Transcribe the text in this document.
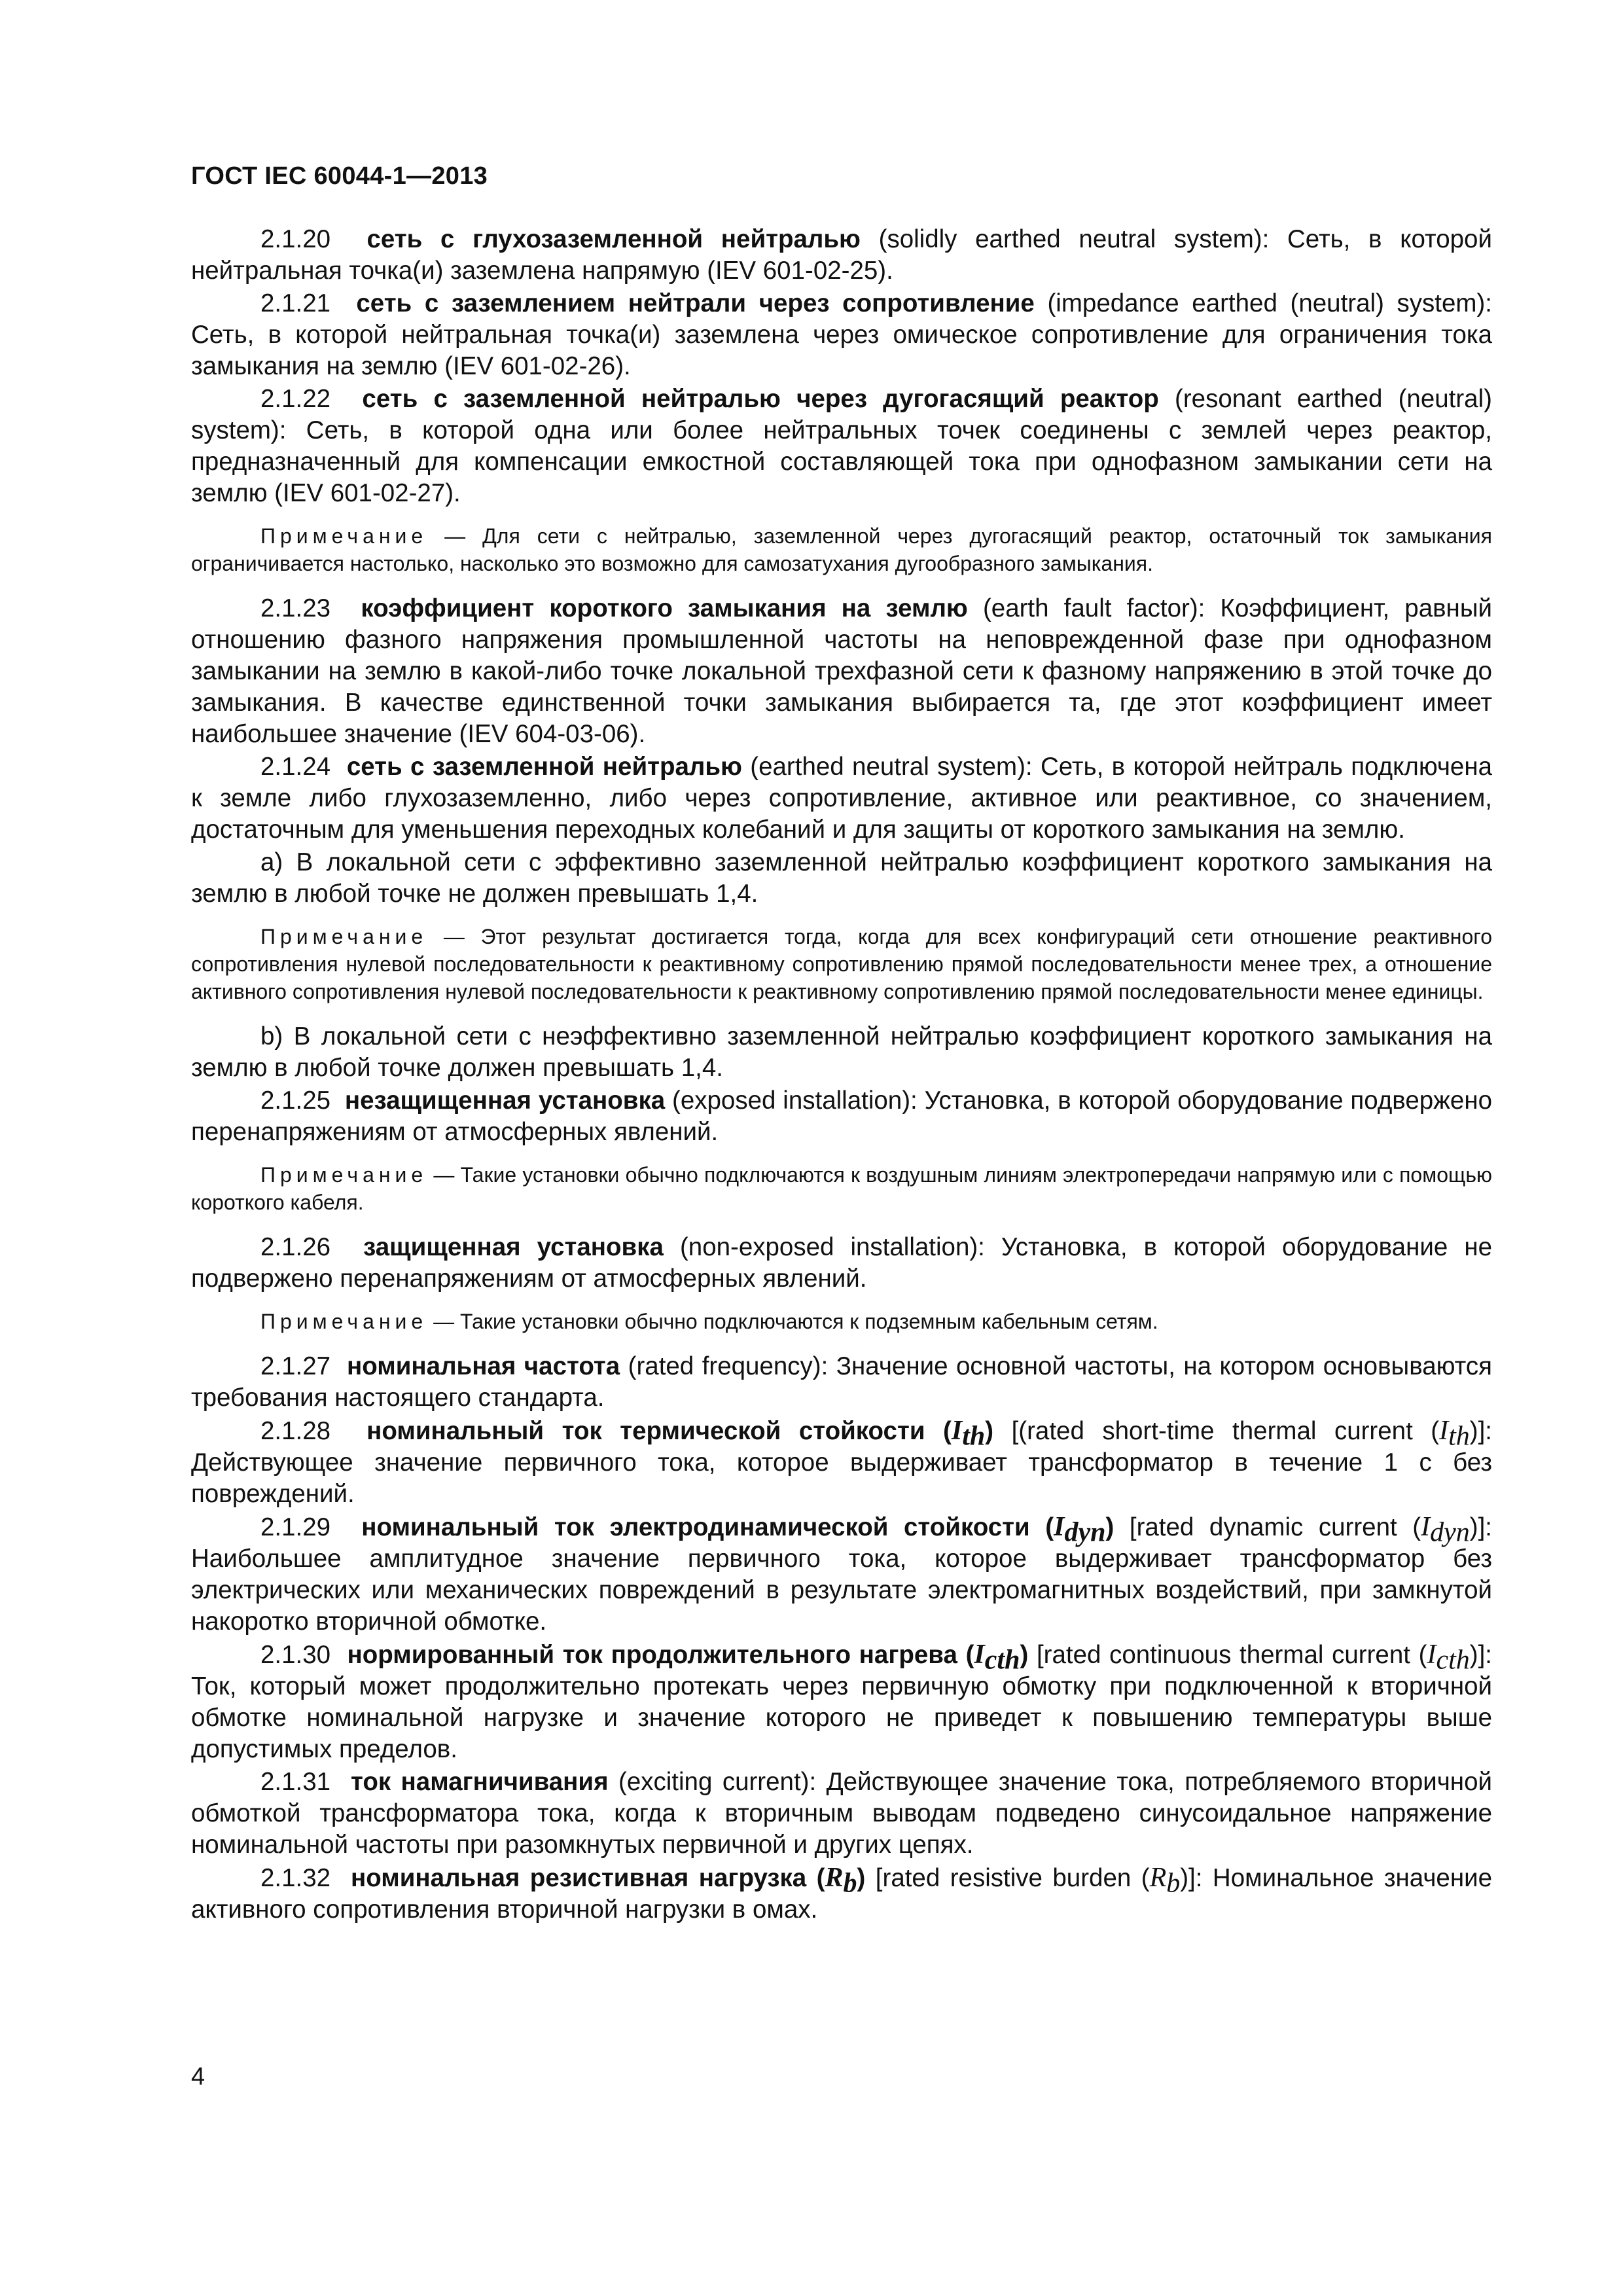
ГОСТ IEC 60044-1—2013

2.1.20 сеть с глухозаземленной нейтралью (solidly earthed neutral system): Сеть, в которой нейтральная точка(и) заземлена напрямую (IEV 601-02-25).

2.1.21 сеть с заземлением нейтрали через сопротивление (impedance earthed (neutral) system): Сеть, в которой нейтральная точка(и) заземлена через омическое сопротивление для ограничения тока замыкания на землю (IEV 601-02-26).

2.1.22 сеть с заземленной нейтралью через дугогасящий реактор (resonant earthed (neutral) system): Сеть, в которой одна или более нейтральных точек соединены с землей через реактор, предназначенный для компенсации емкостной составляющей тока при однофазном замыкании сети на землю (IEV 601-02-27).

Примечание — Для сети с нейтралью, заземленной через дугогасящий реактор, остаточный ток замыкания ограничивается настолько, насколько это возможно для самозатухания дугообразного замыкания.

2.1.23 коэффициент короткого замыкания на землю (earth fault factor): Коэффициент, равный отношению фазного напряжения промышленной частоты на неповрежденной фазе при однофазном замыкании на землю в какой-либо точке локальной трехфазной сети к фазному напряжению в этой точке до замыкания. В качестве единственной точки замыкания выбирается та, где этот коэффициент имеет наибольшее значение (IEV 604-03-06).

2.1.24 сеть с заземленной нейтралью (earthed neutral system): Сеть, в которой нейтраль подключена к земле либо глухозаземленно, либо через сопротивление, активное или реактивное, со значением, достаточным для уменьшения переходных колебаний и для защиты от короткого замыкания на землю.

a) В локальной сети с эффективно заземленной нейтралью коэффициент короткого замыкания на землю в любой точке не должен превышать 1,4.

Примечание — Этот результат достигается тогда, когда для всех конфигураций сети отношение реактивного сопротивления нулевой последовательности к реактивному сопротивлению прямой последовательности менее трех, а отношение активного сопротивления нулевой последовательности к реактивному сопротивлению прямой последовательности менее единицы.

b) В локальной сети с неэффективно заземленной нейтралью коэффициент короткого замыкания на землю в любой точке должен превышать 1,4.

2.1.25 незащищенная установка (exposed installation): Установка, в которой оборудование подвержено перенапряжениям от атмосферных явлений.

Примечание — Такие установки обычно подключаются к воздушным линиям электропередачи напрямую или с помощью короткого кабеля.

2.1.26 защищенная установка (non-exposed installation): Установка, в которой оборудование не подвержено перенапряжениям от атмосферных явлений.

Примечание — Такие установки обычно подключаются к подземным кабельным сетям.

2.1.27 номинальная частота (rated frequency): Значение основной частоты, на котором основываются требования настоящего стандарта.

2.1.28 номинальный ток термической стойкости $(I_{th})$ [(rated short-time thermal current $(I_{th})$]: Действующее значение первичного тока, которое выдерживает трансформатор в течение 1 с без повреждений.

2.1.29 номинальный ток электродинамической стойкости $(I_{dyn})$ [rated dynamic current $(I_{dyn})$]: Наибольшее амплитудное значение первичного тока, которое выдерживает трансформатор без электрических или механических повреждений в результате электромагнитных воздействий, при замкнутой накоротко вторичной обмотке.

2.1.30 нормированный ток продолжительного нагрева $(I_{cth})$ [rated continuous thermal current $(I_{cth})$]: Ток, который может продолжительно протекать через первичную обмотку при подключенной к вторичной обмотке номинальной нагрузке и значение которого не приведет к повышению температуры выше допустимых пределов.

2.1.31 ток намагничивания (exciting current): Действующее значение тока, потребляемого вторичной обмоткой трансформатора тока, когда к вторичным выводам подведено синусоидальное напряжение номинальной частоты при разомкнутых первичной и других цепях.

2.1.32 номинальная резистивная нагрузка $(R_b)$ [rated resistive burden $(R_b)$]: Номинальное значение активного сопротивления вторичной нагрузки в омах.

4
